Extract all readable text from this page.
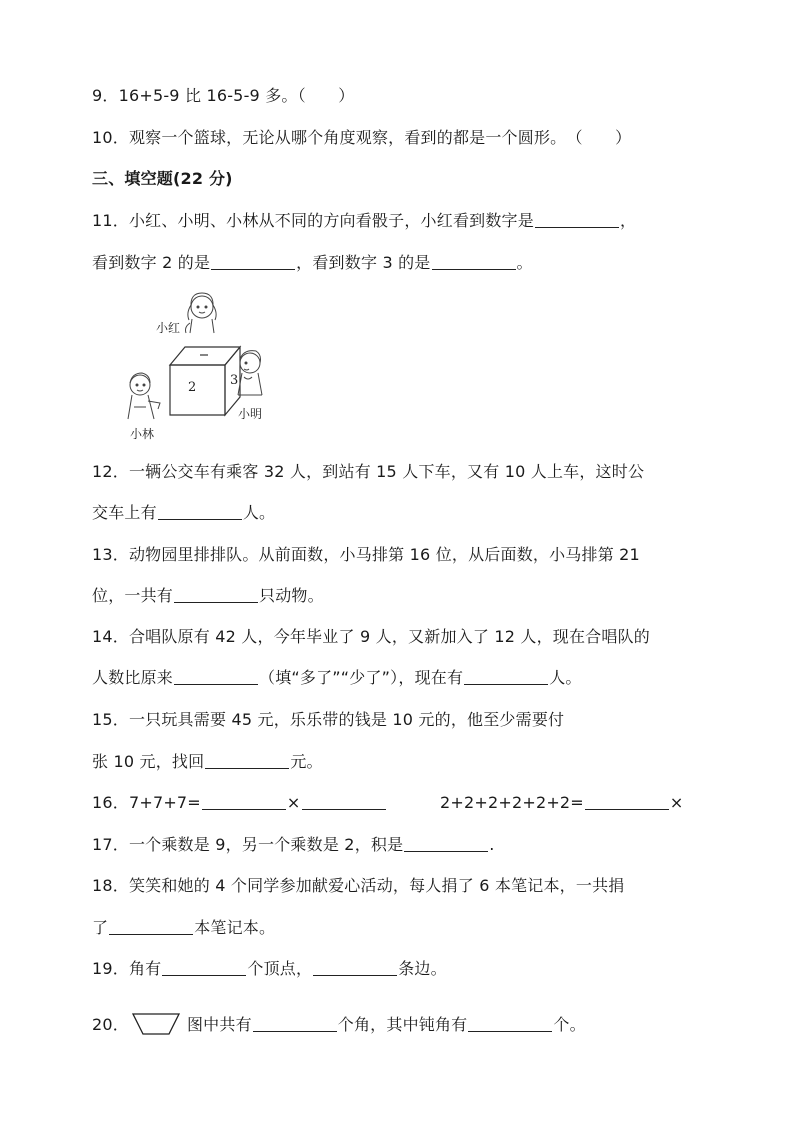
9．16+5-9 比 16-5-9 多。（　　）
10．观察一个篮球，无论从哪个角度观察，看到的都是一个圆形。　（　　）
三、填空题(22 分)
11．小红、小明、小林从不同的方向看骰子，小红看到数字是	，
看到数字 2 的是	，看到数字 3 的是	。
小红
小明
小林
2	3
12．一辆公交车有乘客 32 人，到站有 15 人下车，又有 10 人上车，这时公
交车上有	人。
13．动物园里排排队。从前面数，小马排第 16 位，从后面数，小马排第 21
位，一共有	只动物。
14．合唱队原有 42 人，今年毕业了 9 人，又新加入了 12 人，现在合唱队的
人数比原来	（填“多了”“少了”），现在有	人。
15．一只玩具需要 45 元，乐乐带的钱是 10 元的，他至少需要付
张 10 元，找回	元。
16．7+7+7=	×	2+2+2+2+2+2=	×
17．一个乘数是 9，另一个乘数是 2，积是	.
18．笑笑和她的 4 个同学参加献爱心活动，每人捐了 6 本笔记本，一共捐
了	本笔记本。
19．角有	个顶点，	条边。
20．	图中共有	个角，其中钝角有	个。
